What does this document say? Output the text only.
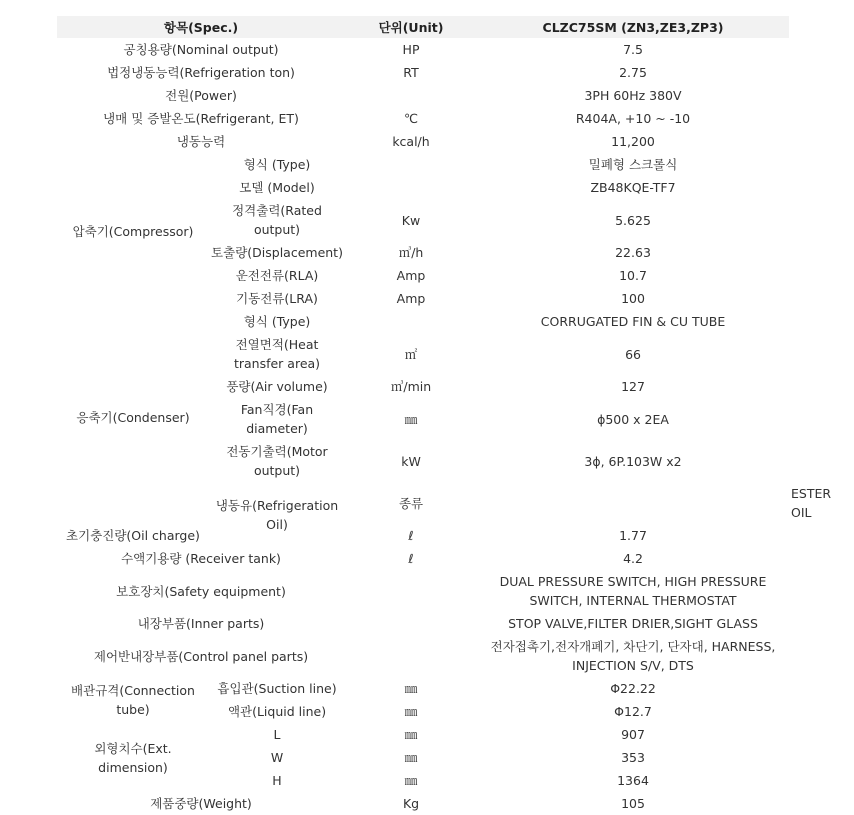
항목(Spec.)		단위(Unit)	CLZC75SM (ZN3,ZE3,ZP3)	
공칭용량(Nominal output)		HP	7.5	
법정냉동능력(Refrigeration ton)		RT	2.75	
전원(Power)			3PH 60Hz 380V	
냉매 및 증발온도(Refrigerant, ET)		℃	R404A, +10 ~ -10	
냉동능력		kcal/h	11,200	
압축기(Compressor)	형식 (Type)		밀폐형 스크롤식	
	모델 (Model)		ZB48KQE-TF7	
	정격출력(Rated output)	Kw	5.625	
	토출량(Displacement)	㎥/h	22.63	
	운전전류(RLA)	Amp	10.7	
	기동전류(LRA)	Amp	100	
응축기(Condenser)	형식 (Type)		CORRUGATED FIN & CU TUBE	
	전열면적(Heat transfer area)	㎡	66	
	풍량(Air volume)	㎥/min	127	
	Fan직경(Fan diameter)	㎜	ϕ500 x 2EA	
	전동기출력(Motor output)	kW	3ϕ, 6P.103W x2	
	냉동유(Refrigeration Oil)	종류		ESTER OIL
초기충진량(Oil charge)		ℓ	1.77	
수액기용량 (Receiver tank)		ℓ	4.2	
보호장치(Safety equipment)			DUAL PRESSURE SWITCH, HIGH PRESSURE SWITCH, INTERNAL THERMOSTAT	
내장부품(Inner parts)			STOP VALVE,FILTER DRIER,SIGHT GLASS	
제어반내장부품(Control panel parts)			전자접촉기,전자개폐기, 차단기, 단자대, HARNESS, INJECTION S/V, DTS	
배관규격(Connection tube)	흡입관(Suction line)	㎜	Φ22.22	
	액관(Liquid line)	㎜	Φ12.7	
외형치수(Ext. dimension)	L	㎜	907	
	W	㎜	353	
	H	㎜	1364	
제품중량(Weight)		Kg	105	
